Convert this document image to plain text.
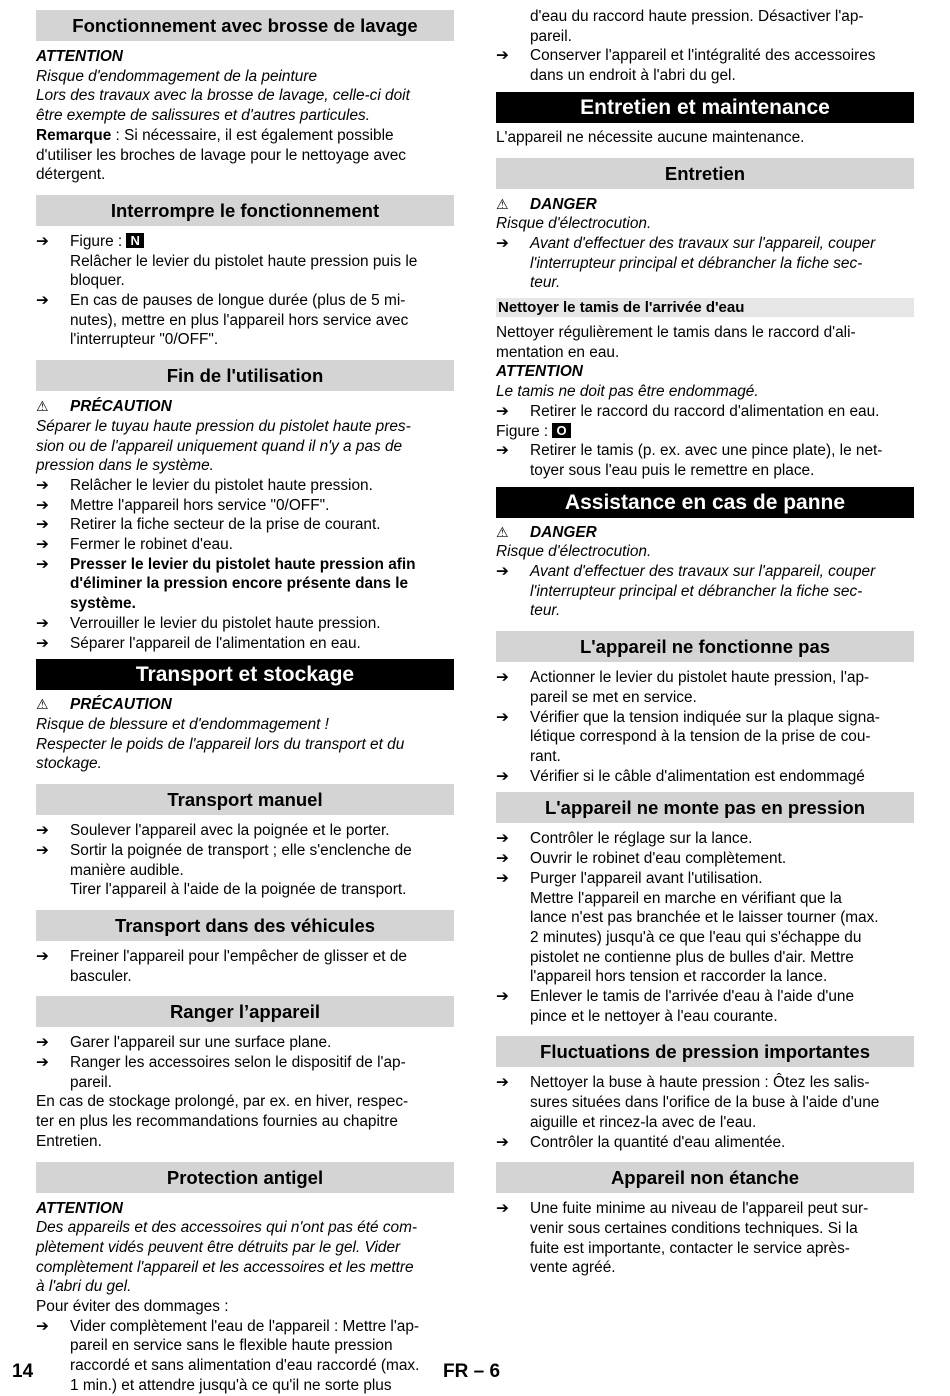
Fonctionnement avec brosse de lavage
ATTENTION
Risque d'endommagement de la peinture
Lors des travaux avec la brosse de lavage, celle-ci doit
être exempte de salissures et d'autres particules.
Remarque : Si nécessaire, il est également possible
d'utiliser les broches de lavage pour le nettoyage avec
détergent.
Interrompre le fonctionnement
➔ Figure : N
Relâcher le levier du pistolet haute pression puis le
bloquer.
➔ En cas de pauses de longue durée (plus de 5 mi-
nutes), mettre en plus l'appareil hors service avec
l'interrupteur "0/OFF".
Fin de l'utilisation
⚠ PRÉCAUTION
Séparer le tuyau haute pression du pistolet haute pres-
sion ou de l'appareil uniquement quand il n'y a pas de
pression dans le système.
➔ Relâcher le levier du pistolet haute pression.
➔ Mettre l'appareil hors service "0/OFF".
➔ Retirer la fiche secteur de la prise de courant.
➔ Fermer le robinet d'eau.
➔ Presser le levier du pistolet haute pression afin
d'éliminer la pression encore présente dans le
système.
➔ Verrouiller le levier du pistolet haute pression.
➔ Séparer l'appareil de l'alimentation en eau.
Transport et stockage
⚠ PRÉCAUTION
Risque de blessure et d'endommagement !
Respecter le poids de l'appareil lors du transport et du
stockage.
Transport manuel
➔ Soulever l'appareil avec la poignée et le porter.
➔ Sortir la poignée de transport ; elle s'enclenche de
manière audible.
Tirer l'appareil à l'aide de la poignée de transport.
Transport dans des véhicules
➔ Freiner l'appareil pour l'empêcher de glisser et de
basculer.
Ranger l’appareil
➔ Garer l'appareil sur une surface plane.
➔ Ranger les accessoires selon le dispositif de l'ap-
pareil.
En cas de stockage prolongé, par ex. en hiver, respec-
ter en plus les recommandations fournies au chapitre
Entretien.
Protection antigel
ATTENTION
Des appareils et des accessoires qui n'ont pas été com-
plètement vidés peuvent être détruits par le gel. Vider
complètement l'appareil et les accessoires et les mettre
à l'abri du gel.
Pour éviter des dommages :
➔ Vider complètement l'eau de l'appareil : Mettre l'ap-
pareil en service sans le flexible haute pression
raccordé et sans alimentation d'eau raccordé (max.
1 min.) et attendre jusqu'à ce qu'il ne sorte plus
d'eau du raccord haute pression. Désactiver l'ap-
pareil.
➔ Conserver l'appareil et l'intégralité des accessoires
dans un endroit à l'abri du gel.
Entretien et maintenance
L'appareil ne nécessite aucune maintenance.
Entretien
⚠ DANGER
Risque d'électrocution.
➔ Avant d'effectuer des travaux sur l'appareil, couper
l'interrupteur principal et débrancher la fiche sec-
teur.
Nettoyer le tamis de l'arrivée d'eau
Nettoyer régulièrement le tamis dans le raccord d'ali-
mentation en eau.
ATTENTION
Le tamis ne doit pas être endommagé.
➔ Retirer le raccord du raccord d'alimentation en eau.
Figure : O
➔ Retirer le tamis (p. ex. avec une pince plate), le net-
toyer sous l'eau puis le remettre en place.
Assistance en cas de panne
⚠ DANGER
Risque d'électrocution.
➔ Avant d'effectuer des travaux sur l'appareil, couper
l'interrupteur principal et débrancher la fiche sec-
teur.
L'appareil ne fonctionne pas
➔ Actionner le levier du pistolet haute pression, l'ap-
pareil se met en service.
➔ Vérifier que la tension indiquée sur la plaque signa-
létique correspond à la tension de la prise de cou-
rant.
➔ Vérifier si le câble d'alimentation est endommagé
L'appareil ne monte pas en pression
➔ Contrôler le réglage sur la lance.
➔ Ouvrir le robinet d'eau complètement.
➔ Purger l'appareil avant l'utilisation.
Mettre l'appareil en marche en vérifiant que la
lance n'est pas branchée et le laisser tourner (max.
2 minutes) jusqu'à ce que l'eau qui s'échappe du
pistolet ne contienne plus de bulles d'air. Mettre
l'appareil hors tension et raccorder la lance.
➔ Enlever le tamis de l'arrivée d'eau à l'aide d'une
pince et le nettoyer à l'eau courante.
Fluctuations de pression importantes
➔ Nettoyer la buse à haute pression : Ôtez les salis-
sures situées dans l'orifice de la buse à l'aide d'une
aiguille et rincez-la avec de l'eau.
➔ Contrôler la quantité d'eau alimentée.
Appareil non étanche
➔ Une fuite minime au niveau de l'appareil peut sur-
venir sous certaines conditions techniques. Si la
fuite est importante, contacter le service après-
vente agréé.
14	FR – 6
